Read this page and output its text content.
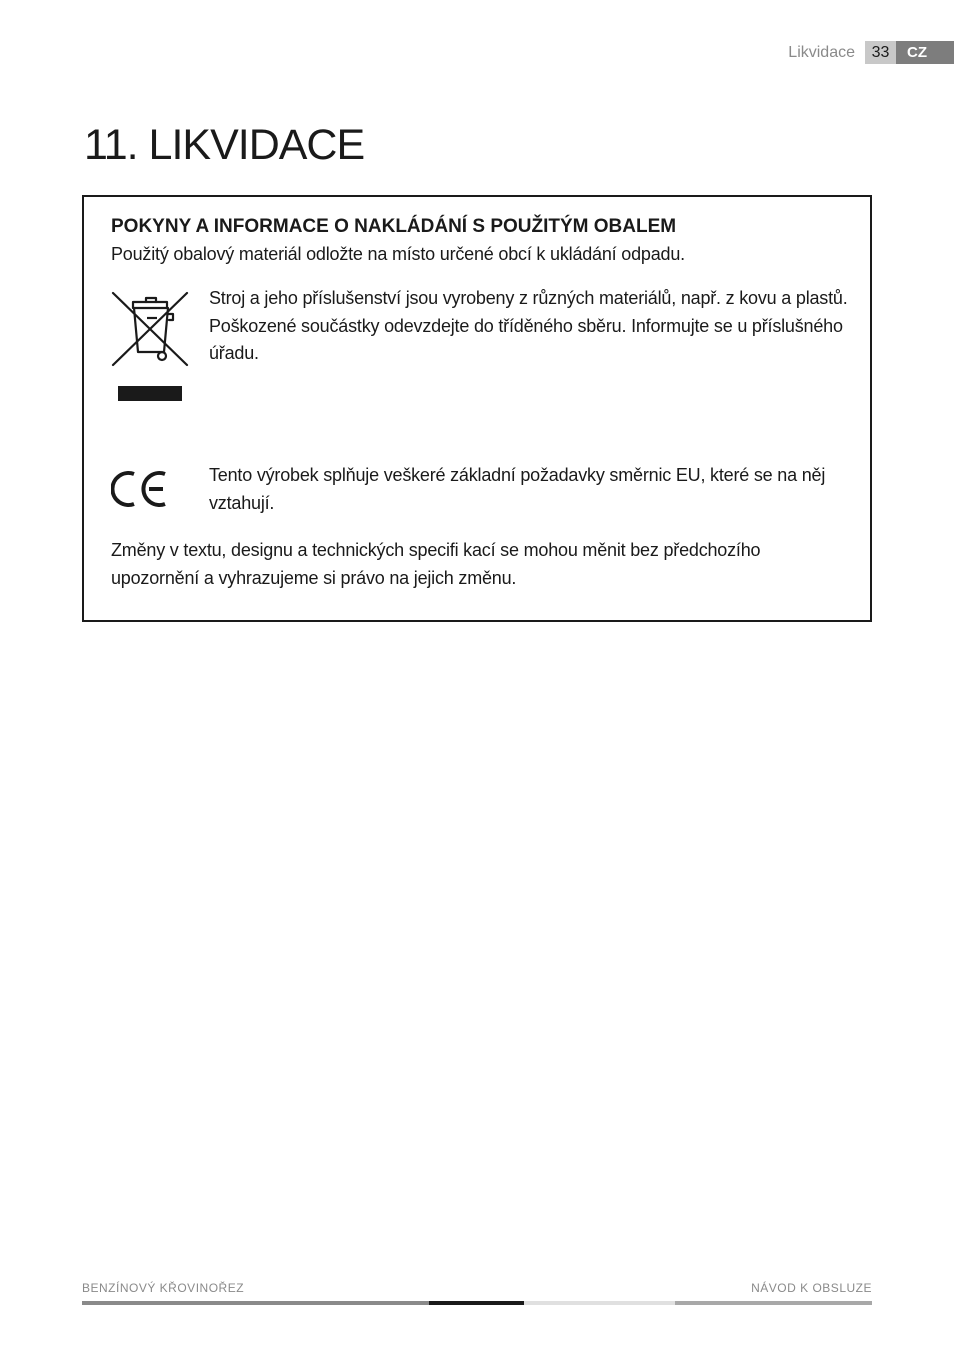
Likvidace	33	CZ
11. LIKVIDACE
POKYNY A INFORMACE O NAKLÁDÁNÍ S POUŽITÝM OBALEM

Použitý obalový materiál odložte na místo určené obcí k ukládání odpadu.

Stroj a jeho příslušenství jsou vyrobeny z různých materiálů, např. z kovu a plastů. Poškozené součástky odevzdejte do tříděného sběru. Informujte se u příslušného úřadu.

Tento výrobek splňuje veškeré základní požadavky směrnic EU, které se na něj vztahují.

Změny v textu, designu a technických specifi kací se mohou měnit bez předchozího upozornění a vyhrazujeme si právo na jejich změnu.

BENZÍNOVÝ KŘOVINOŘEZ	NÁVOD K OBSLUZE
